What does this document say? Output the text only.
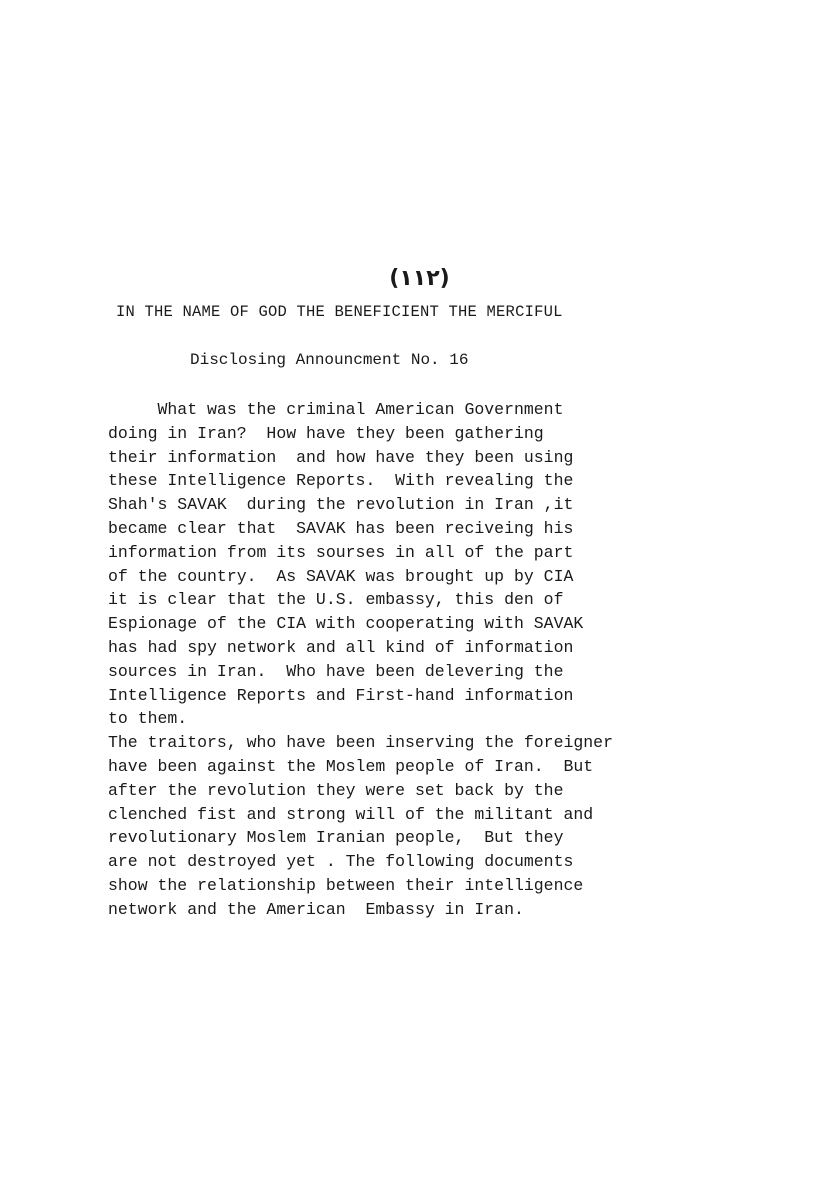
(١١٢)
IN THE NAME OF GOD THE BENEFICIENT THE MERCIFUL
Disclosing Announcment No. 16
What was the criminal American Government
doing in Iran?  How have they been gathering
their information  and how have they been using
these Intelligence Reports.  With revealing the
Shah's SAVAK  during the revolution in Iran ,it
became clear that  SAVAK has been reciveing his
information from its sourses in all of the part
of the country.  As SAVAK was brought up by CIA
it is clear that the U.S. embassy, this den of
Espionage of the CIA with cooperating with SAVAK
has had spy network and all kind of information
sources in Iran.  Who have been delevering the
Intelligence Reports and First-hand information
to them.
The traitors, who have been inserving the foreigner
have been against the Moslem people of Iran.  But
after the revolution they were set back by the
clenched fist and strong will of the militant and
revolutionary Moslem Iranian people,  But they
are not destroyed yet . The following documents
show the relationship between their intelligence
network and the American  Embassy in Iran.
